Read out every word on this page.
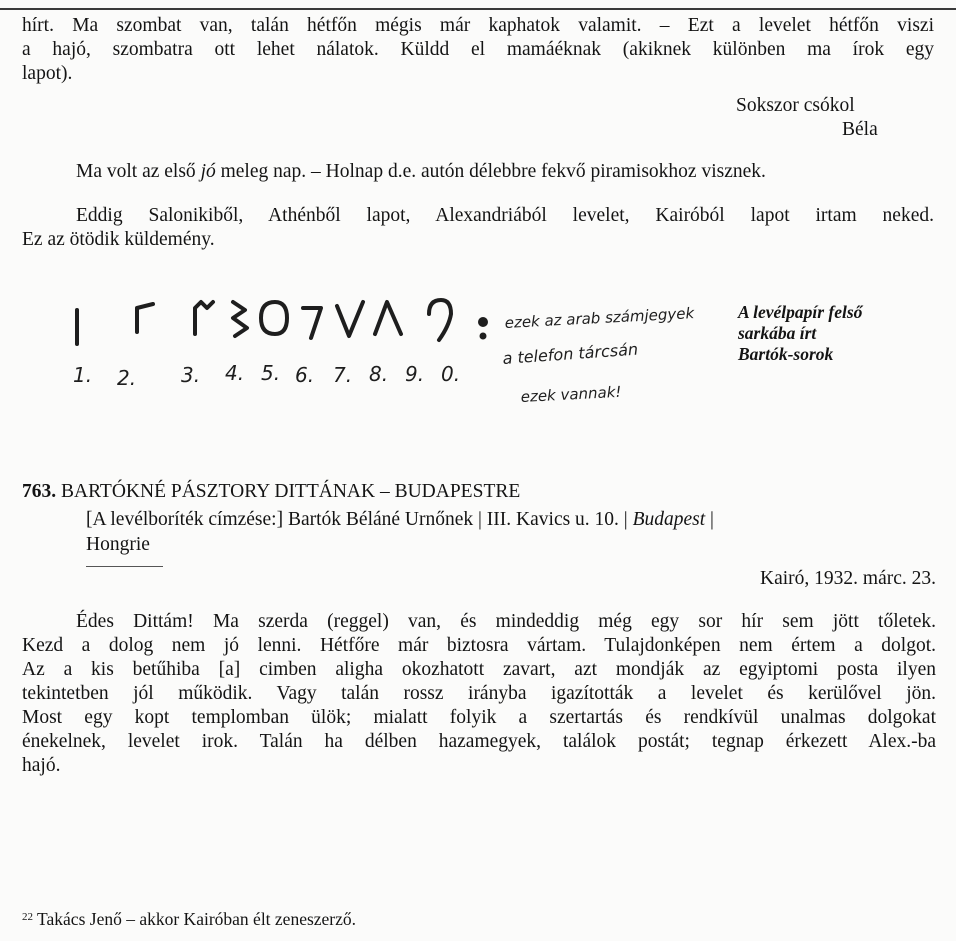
hírt. Ma szombat van, talán hétfőn mégis már kaphatok valamit. – Ezt a levelet hétfőn viszi
a hajó, szombatra ott lehet nálatok. Küldd el mamáéknak (akiknek különben ma írok egy
lapot).
Sokszor csókol
Béla
Ma volt az első jó meleg nap. – Holnap d.e. autón délebbre fekvő piramisokhoz visznek.
Eddig Salonikiből, Athénből lapot, Alexandriából levelet, Kairóból lapot irtam neked.
Ez az ötödik küldemény.
1. 2. 3. 4. 5. 6. 7. 8. 9. 0.
ezek az arab számjegyek
a telefon tárcsán
ezek vannak!
A levélpapír felső
sarkába írt
Bartók-sorok
763. BARTÓKNÉ PÁSZTORY DITTÁNAK – BUDAPESTRE
[A levélboríték címzése:] Bartók Béláné Urnőnek | III. Kavics u. 10. | Budapest |
Hongrie
Kairó, 1932. márc. 23.
Édes Dittám! Ma szerda (reggel) van, és mindeddig még egy sor hír sem jött tőletek.
Kezd a dolog nem jó lenni. Hétfőre már biztosra vártam. Tulajdonképen nem értem a dolgot.
Az a kis betűhiba [a] cimben aligha okozhatott zavart, azt mondják az egyiptomi posta ilyen
tekintetben jól működik. Vagy talán rossz irányba igazították a levelet és kerülővel jön.
Most egy kopt templomban ülök; mialatt folyik a szertartás és rendkívül unalmas dolgokat
énekelnek, levelet irok. Talán ha délben hazamegyek, találok postát; tegnap érkezett Alex.-ba
hajó.
$^{22}$ Takács Jenő – akkor Kairóban élt zeneszerző.
